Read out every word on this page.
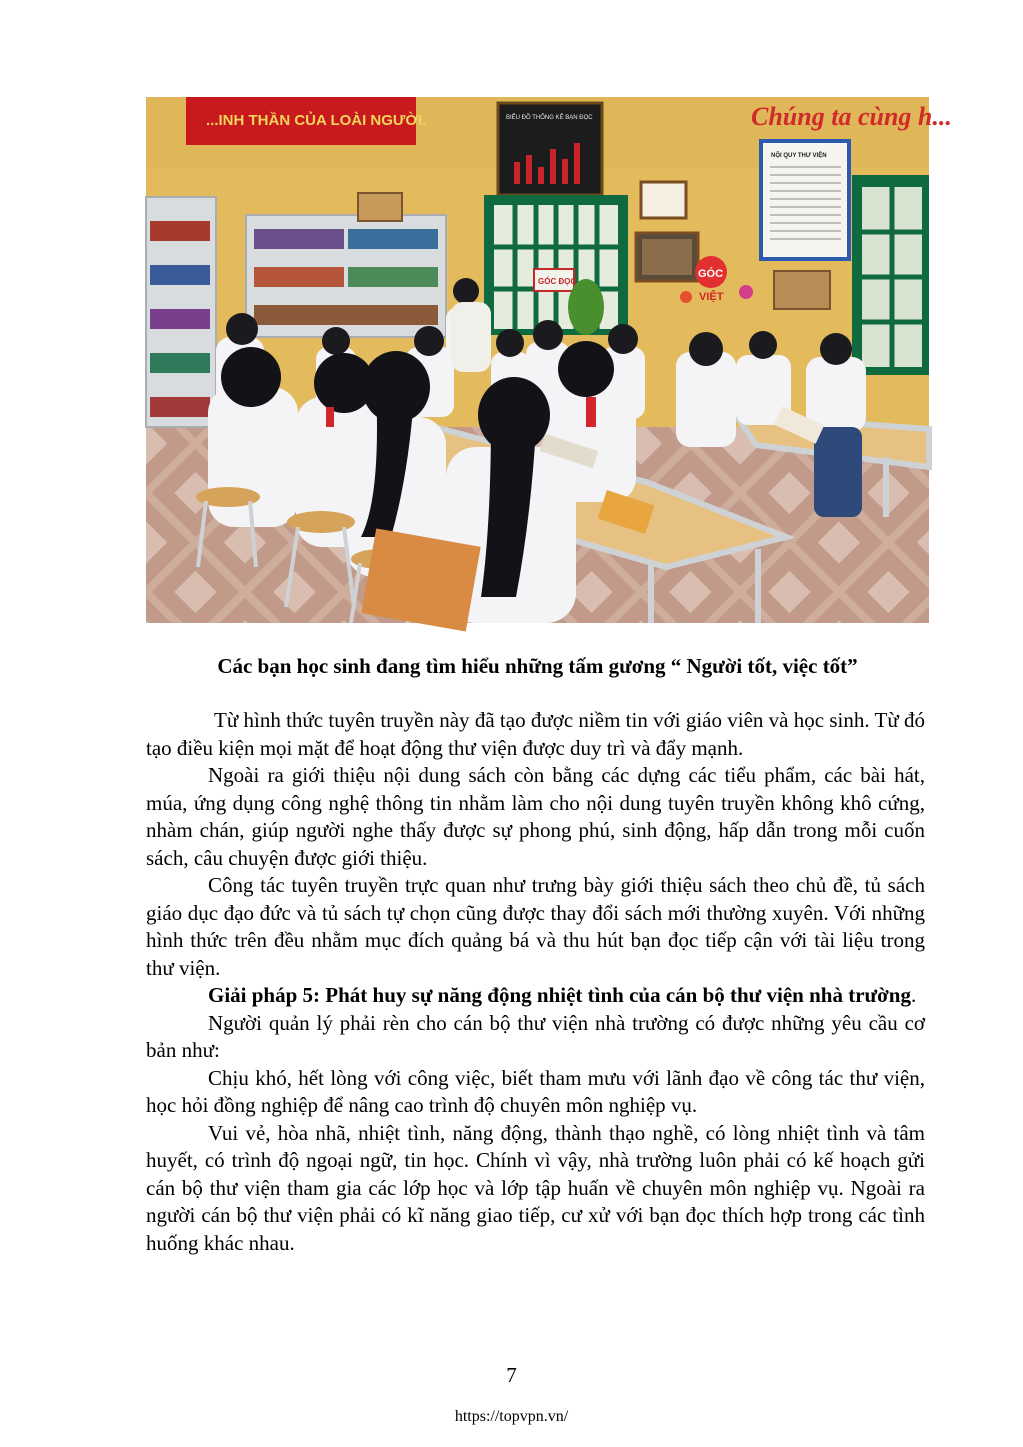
...INH THẦN CỦA LOÀI NGƯỜI.	BIỂU ĐỒ THỐNG KÊ BẠN ĐỌC	Chúng ta cùng h...
NỘI QUY THƯ VIỆN
GÓC
VIỆT
GÓC ĐỌC
Các bạn học sinh đang tìm hiểu những tấm gương “ Người tốt, việc tốt”

Từ hình thức tuyên truyền này đã tạo được niềm tin với giáo viên và học sinh. Từ đó tạo điều kiện mọi mặt để hoạt động thư viện được duy trì và đẩy mạnh.

Ngoài ra giới thiệu nội dung sách còn bằng các dựng các tiểu phẩm, các bài hát, múa, ứng dụng công nghệ thông tin nhằm làm cho nội dung tuyên truyền không khô cứng, nhàm chán, giúp người nghe thấy được sự phong phú, sinh động, hấp dẫn trong mỗi cuốn sách, câu chuyện được giới thiệu.

Công tác tuyên truyền trực quan như trưng bày giới thiệu sách theo chủ đề, tủ sách giáo dục đạo đức và tủ sách tự chọn cũng được thay đổi sách mới thường xuyên. Với những hình thức trên đều nhằm mục đích quảng bá và thu hút bạn đọc tiếp cận với tài liệu trong thư viện.

Giải pháp 5: Phát huy sự năng động nhiệt tình của cán bộ thư viện nhà trường.

Người quản lý phải rèn cho cán bộ thư viện nhà trường có được những yêu cầu cơ bản như:

Chịu khó, hết lòng với công việc, biết tham mưu với lãnh đạo về công tác thư viện, học hỏi đồng nghiệp để nâng cao trình độ chuyên môn nghiệp vụ.

Vui vẻ, hòa nhã, nhiệt tình, năng động, thành thạo nghề, có lòng nhiệt tình và tâm huyết, có trình độ ngoại ngữ, tin học. Chính vì vậy, nhà trường luôn phải có kế hoạch gửi cán bộ thư viện tham gia các lớp học và lớp tập huấn về chuyên môn nghiệp vụ. Ngoài ra người cán bộ thư viện phải có kĩ năng giao tiếp, cư xử với bạn đọc thích hợp trong các tình huống khác nhau.

7
https://topvpn.vn/
